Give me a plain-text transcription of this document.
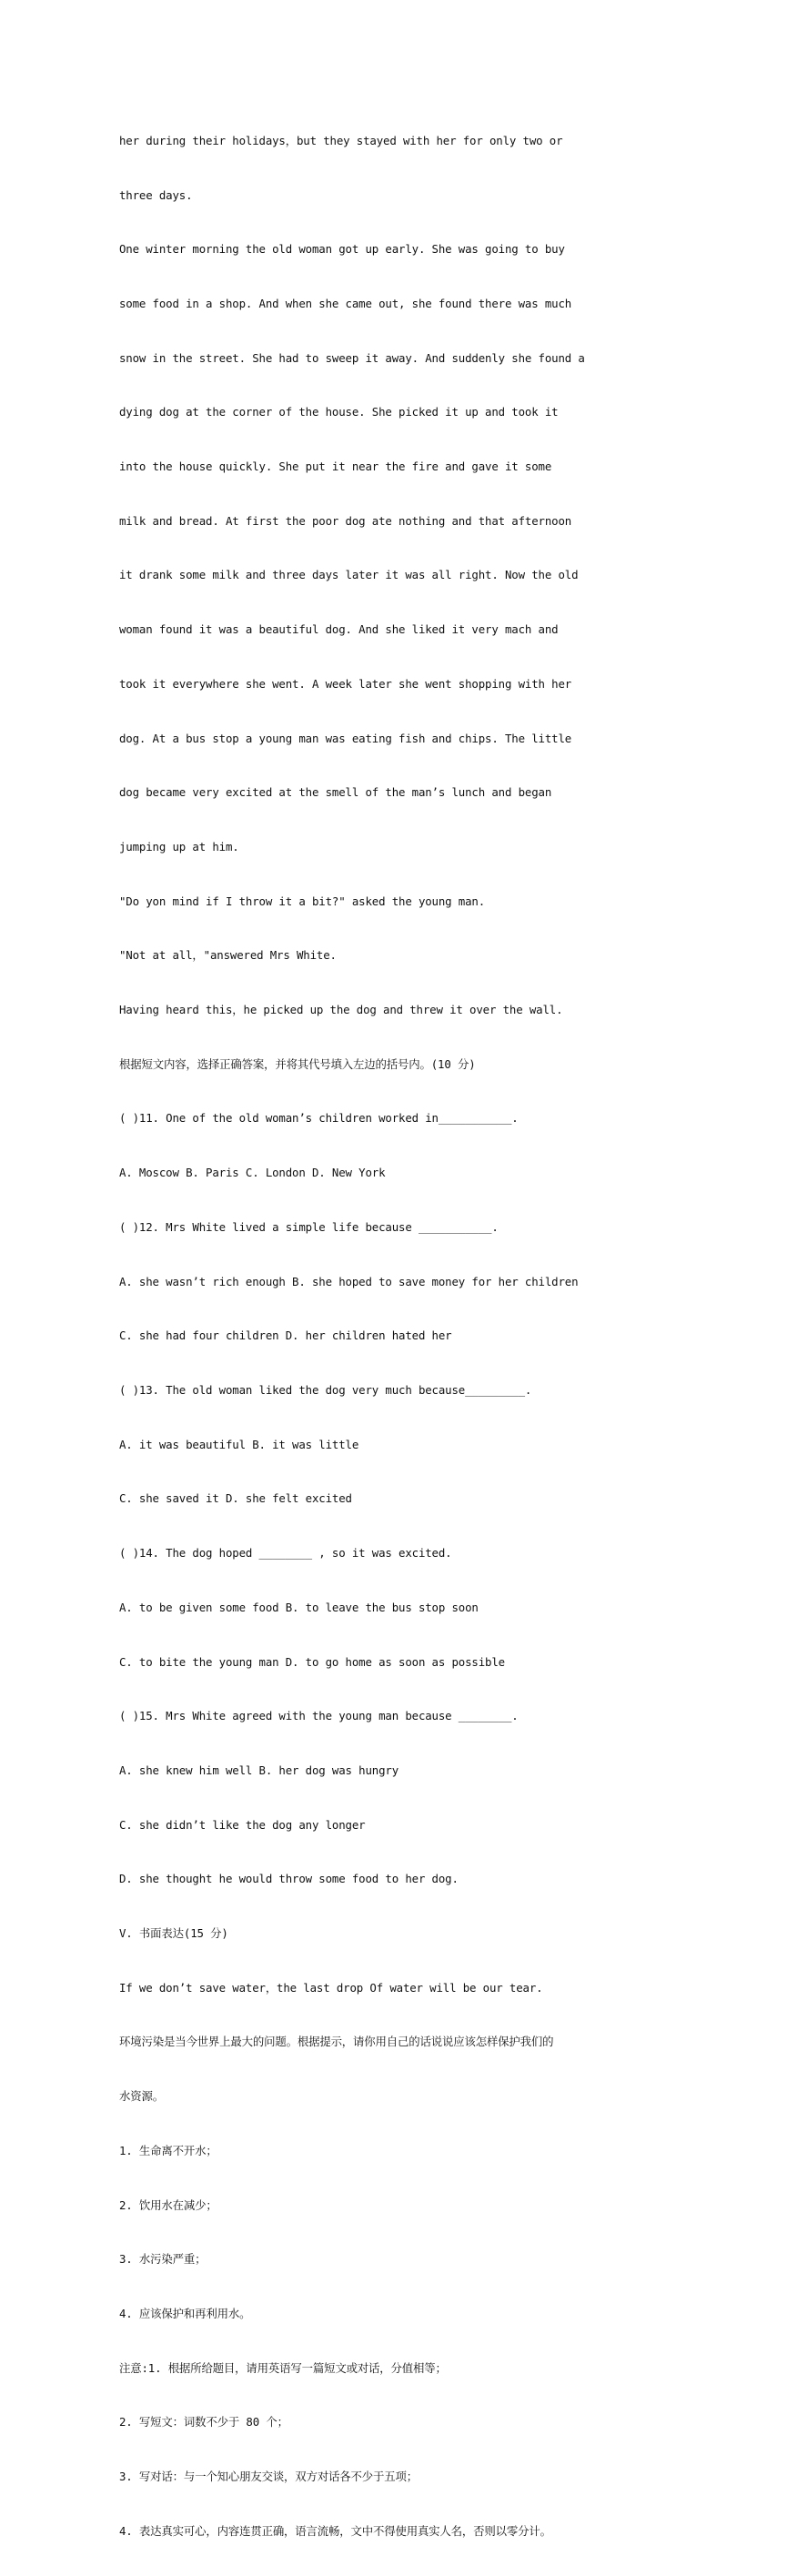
her during their holidays，but they stayed with her for only two or

three days.

One winter morning the old woman got up early. She was going to buy

some food in a shop. And when she came out, she found there was much

snow in the street. She had to sweep it away. And suddenly she found a

dying dog at the corner of the house. She picked it up and took it

into the house quickly. She put it near the fire and gave it some

milk and bread. At first the poor dog ate nothing and that afternoon

it drank some milk and three days later it was all right. Now the old

woman found it was a beautiful dog. And she liked it very mach and

took it everywhere she went. A week later she went shopping with her

dog. At a bus stop a young man was eating fish and chips. The little

dog became very excited at the smell of the man’s lunch and began

jumping up at him.

"Do yon mind if I throw it a bit?" asked the young man.

"Not at all，"answered Mrs White.

Having heard this，he picked up the dog and threw it over the wall.

根据短文内容，选择正确答案，并将其代号填入左边的括号内。(10 分)

( )11. One of the old woman’s children worked in___________.

A. Moscow B. Paris C. London D. New York

( )12. Mrs White lived a simple life because ___________.

A. she wasn’t rich enough B. she hoped to save money for her children

C. she had four children D. her children hated her

( )13. The old woman liked the dog very much because_________.

A. it was beautiful B. it was little

C. she saved it D. she felt excited

( )14. The dog hoped ________ , so it was excited.

A. to be given some food B. to leave the bus stop soon

C. to bite the young man D. to go home as soon as possible

( )15. Mrs White agreed with the young man because ________.

A. she knew him well B. her dog was hungry

C. she didn’t like the dog any longer

D. she thought he would throw some food to her dog.

V. 书面表达(15 分)

If we don’t save water，the last drop Of water will be our tear.

环境污染是当今世界上最大的问题。根据提示，请你用自己的话说说应该怎样保护我们的

水资源。

1. 生命离不开水；

2. 饮用水在减少；

3. 水污染严重；

4. 应该保护和再利用水。

注意:1. 根据所给题目，请用英语写一篇短文或对话，分值相等；

2. 写短文：词数不少于 80 个；

3. 写对话：与一个知心朋友交谈，双方对话各不少于五项；

4. 表达真实可心，内容连贯正确，语言流畅，文中不得使用真实人名，否则以零分计。
